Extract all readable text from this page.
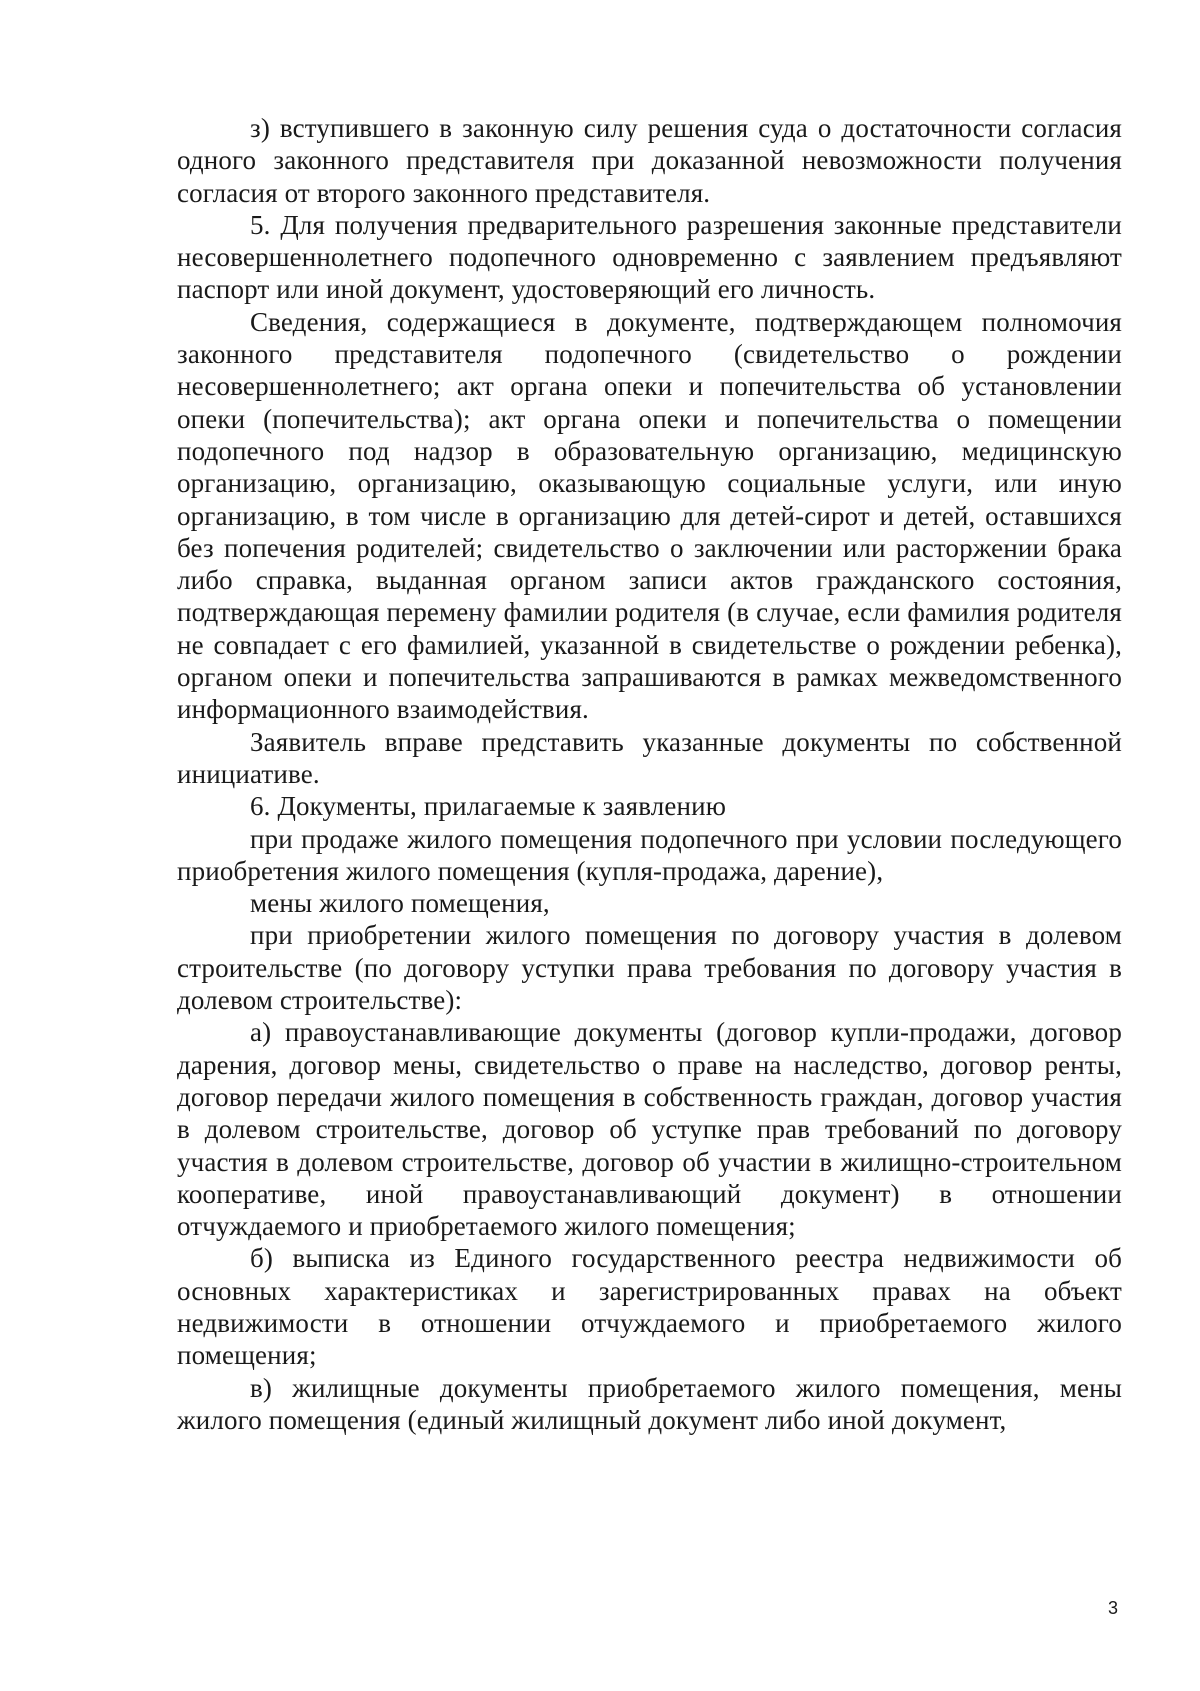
з) вступившего в законную силу решения суда о достаточности согласия одного законного представителя при доказанной невозможности получения согласия от второго законного представителя.

5. Для получения предварительного разрешения законные представители несовершеннолетнего подопечного одновременно с заявлением предъявляют паспорт или иной документ, удостоверяющий его личность.

Сведения, содержащиеся в документе, подтверждающем полномочия законного представителя подопечного (свидетельство о рождении несовершеннолетнего; акт органа опеки и попечительства об установлении опеки (попечительства); акт органа опеки и попечительства о помещении подопечного под надзор в образовательную организацию, медицинскую организацию, организацию, оказывающую социальные услуги, или иную организацию, в том числе в организацию для детей-сирот и детей, оставшихся без попечения родителей; свидетельство о заключении или расторжении брака либо справка, выданная органом записи актов гражданского состояния, подтверждающая перемену фамилии родителя (в случае, если фамилия родителя не совпадает с его фамилией, указанной в свидетельстве о рождении ребенка), органом опеки и попечительства запрашиваются в рамках межведомственного информационного взаимодействия.

Заявитель вправе представить указанные документы по собственной инициативе.

6. Документы, прилагаемые к заявлению

при продаже жилого помещения подопечного при условии последующего приобретения жилого помещения (купля-продажа, дарение),

мены жилого помещения,

при приобретении жилого помещения по договору участия в долевом строительстве (по договору уступки права требования по договору участия в долевом строительстве):

а) правоустанавливающие документы (договор купли-продажи, договор дарения, договор мены, свидетельство о праве на наследство, договор ренты, договор передачи жилого помещения в собственность граждан, договор участия в долевом строительстве, договор об уступке прав требований по договору участия в долевом строительстве, договор об участии в жилищно-строительном кооперативе, иной правоустанавливающий документ) в отношении отчуждаемого и приобретаемого жилого помещения;

б) выписка из Единого государственного реестра недвижимости об основных характеристиках и зарегистрированных правах на объект недвижимости в отношении отчуждаемого и приобретаемого жилого помещения;

в) жилищные документы приобретаемого жилого помещения, мены жилого помещения (единый жилищный документ либо иной документ,

3
